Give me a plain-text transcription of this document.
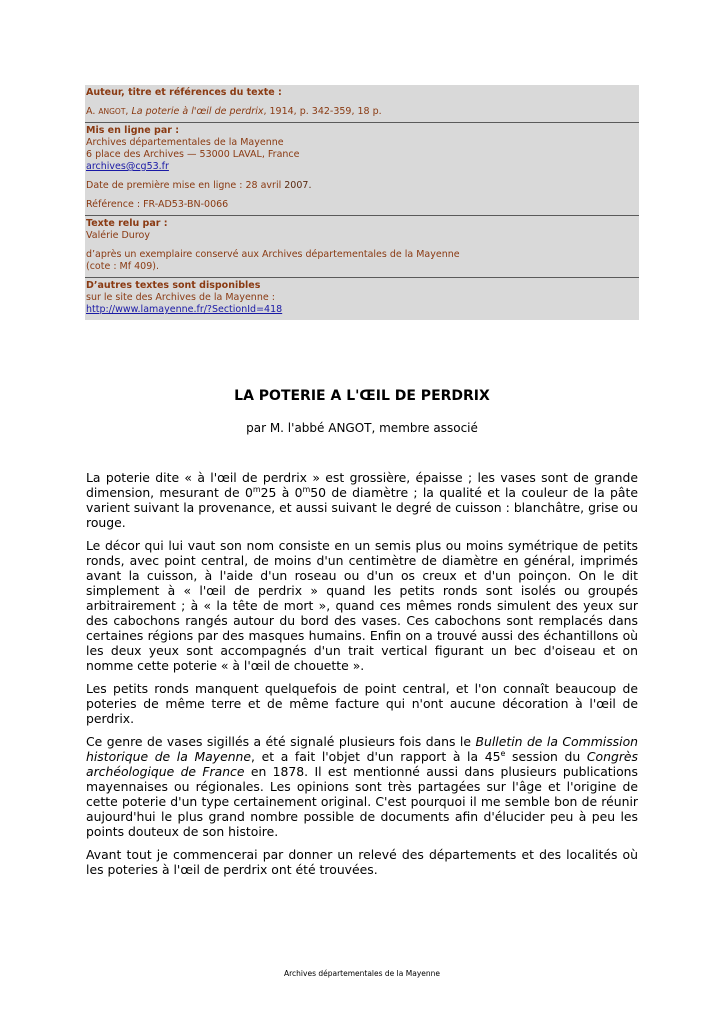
Auteur, titre et références du texte :

A. ANGOT, La poterie à l'œil de perdrix, 1914, p. 342-359, 18 p.

Mis en ligne par :

Archives départementales de la Mayenne

6 place des Archives — 53000 LAVAL, France

archives@cg53.fr

Date de première mise en ligne : 28 avril 2007.

Référence : FR-AD53-BN-0066

Texte relu par :

Valérie Duroy

d’après un exemplaire conservé aux Archives départementales de la Mayenne

(cote : Mf 409).

D’autres textes sont disponibles

sur le site des Archives de la Mayenne :

http://www.lamayenne.fr/?SectionId=418

LA POTERIE A L'ŒIL DE PERDRIX
par M. l'abbé ANGOT, membre associé

La poterie dite « à l'œil de perdrix » est grossière, épaisse ; les vases sont de grande dimension, mesurant de 0$^m$25 à 0$^m$50 de diamètre ; la qualité et la couleur de la pâte varient suivant la provenance, et aussi suivant le degré de cuisson : blanchâtre, grise ou rouge.

Le décor qui lui vaut son nom consiste en un semis plus ou moins symétrique de petits ronds, avec point central, de moins d'un centimètre de diamètre en général, imprimés avant la cuisson, à l'aide d'un roseau ou d'un os creux et d'un poinçon. On le dit simplement à « l'œil de perdrix » quand les petits ronds sont isolés ou groupés arbitrairement ; à « la tête de mort », quand ces mêmes ronds simulent des yeux sur des cabochons rangés autour du bord des vases. Ces cabochons sont remplacés dans certaines régions par des masques humains. Enfin on a trouvé aussi des échantillons où les deux yeux sont accompagnés d'un trait vertical figurant un bec d'oiseau et on nomme cette poterie « à l'œil de chouette ».

Les petits ronds manquent quelquefois de point central, et l'on connaît beaucoup de poteries de même terre et de même facture qui n'ont aucune décoration à l'œil de perdrix.

Ce genre de vases sigillés a été signalé plusieurs fois dans le Bulletin de la Commission historique de la Mayenne, et a fait l'objet d'un rapport à la 45e session du Congrès archéologique de France en 1878. Il est mentionné aussi dans plusieurs publications mayennaises ou régionales. Les opinions sont très partagées sur l'âge et l'origine de cette poterie d'un type certainement original. C'est pourquoi il me semble bon de réunir aujourd'hui le plus grand nombre possible de documents afin d'élucider peu à peu les points douteux de son histoire.

Avant tout je commencerai par donner un relevé des départements et des localités où les poteries à l'œil de perdrix ont été trouvées.

Archives départementales de la Mayenne
